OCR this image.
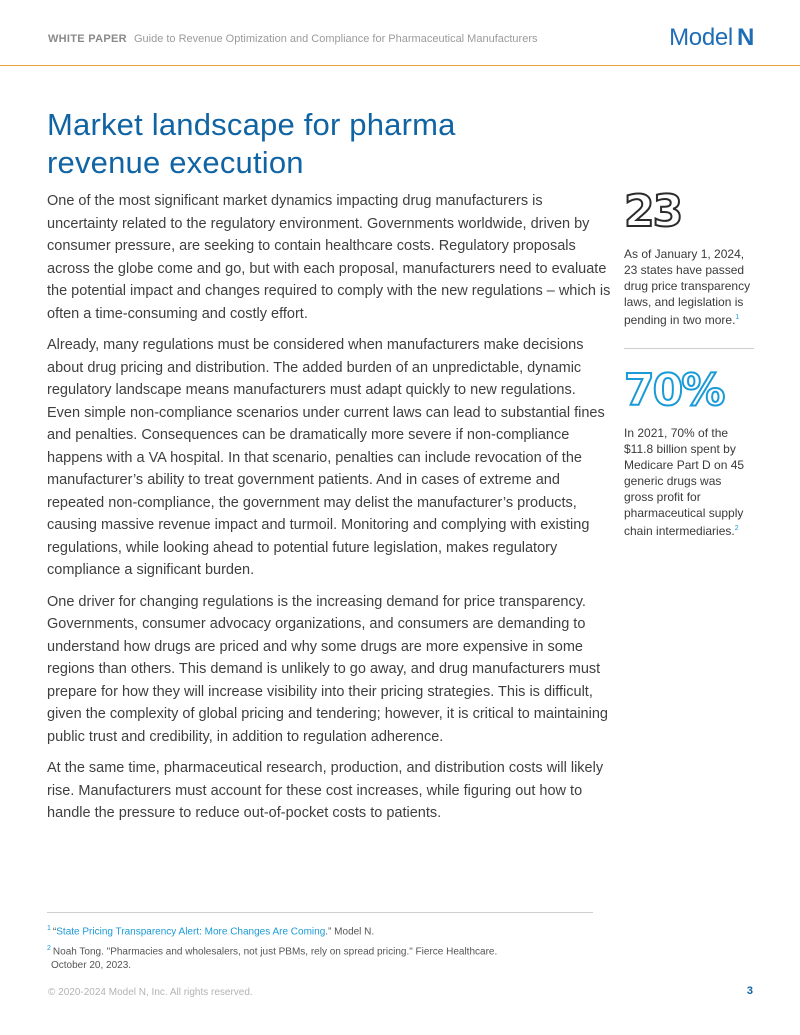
WHITE PAPER Guide to Revenue Optimization and Compliance for Pharmaceutical Manufacturers	Model N
Market landscape for pharma
revenue execution

One of the most significant market dynamics impacting drug manufacturers is uncertainty related to the regulatory environment. Governments worldwide, driven by consumer pressure, are seeking to contain healthcare costs. Regulatory proposals across the globe come and go, but with each proposal, manufacturers need to evaluate the potential impact and changes required to comply with the new regulations – which is often a time-consuming and costly effort.

Already, many regulations must be considered when manufacturers make decisions about drug pricing and distribution. The added burden of an unpredictable, dynamic regulatory landscape means manufacturers must adapt quickly to new regulations. Even simple non-compliance scenarios under current laws can lead to substantial fines and penalties. Consequences can be dramatically more severe if non-compliance happens with a VA hospital. In that scenario, penalties can include revocation of the manufacturer’s ability to treat government patients. And in cases of extreme and repeated non-compliance, the government may delist the manufacturer’s products, causing massive revenue impact and turmoil. Monitoring and complying with existing regulations, while looking ahead to potential future legislation, makes regulatory compliance a significant burden.

One driver for changing regulations is the increasing demand for price transparency. Governments, consumer advocacy organizations, and consumers are demanding to understand how drugs are priced and why some drugs are more expensive in some regions than others. This demand is unlikely to go away, and drug manufacturers must prepare for how they will increase visibility into their pricing strategies. This is difficult, given the complexity of global pricing and tendering; however, it is critical to maintaining public trust and credibility, in addition to regulation adherence.

At the same time, pharmaceutical research, production, and distribution costs will likely rise. Manufacturers must account for these cost increases, while figuring out how to handle the pressure to reduce out-of-pocket costs to patients.

23
As of January 1, 2024, 23 states have passed drug price transparency laws, and legislation is pending in two more.$^1$
70%
In 2021, 70% of the $11.8 billion spent by Medicare Part D on 45 generic drugs was gross profit for pharmaceutical supply chain intermediaries.$^2$
$^1$ “State Pricing Transparency Alert: More Changes Are Coming.” Model N.
$^2$ Noah Tong. "Pharmacies and wholesalers, not just PBMs, rely on spread pricing." Fierce Healthcare.
October 20, 2023.
© 2020-2024 Model N, Inc. All rights reserved.	3
